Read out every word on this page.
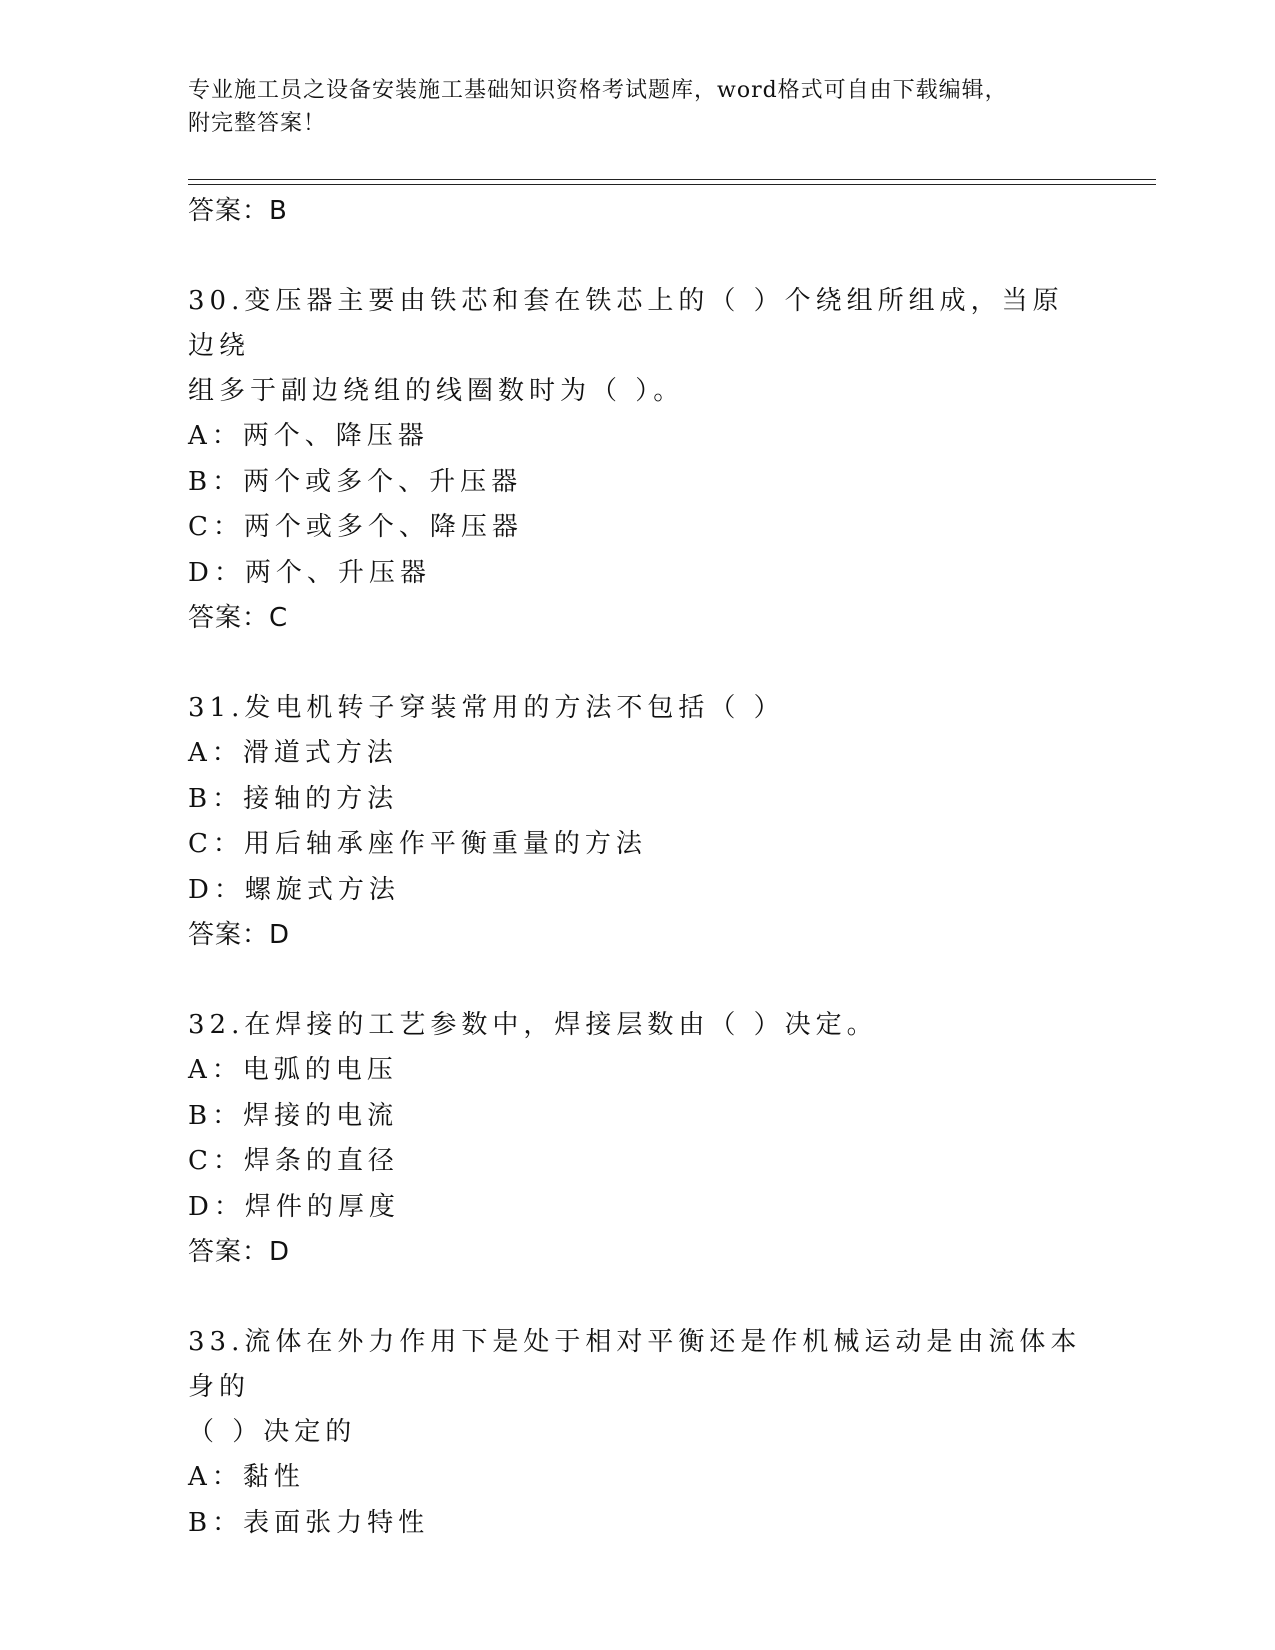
专业施工员之设备安装施工基础知识资格考试题库，word格式可自由下载编辑，
附完整答案！
答案：B
30.变压器主要由铁芯和套在铁芯上的（ ）个绕组所组成，当原边绕
组多于副边绕组的线圈数时为（ ）。
A：两个、降压器
B：两个或多个、升压器
C：两个或多个、降压器
D：两个、升压器
答案：C
31.发电机转子穿装常用的方法不包括（ ）
A：滑道式方法
B：接轴的方法
C：用后轴承座作平衡重量的方法
D：螺旋式方法
答案：D
32.在焊接的工艺参数中，焊接层数由（ ）决定。
A：电弧的电压
B：焊接的电流
C：焊条的直径
D：焊件的厚度
答案：D
33.流体在外力作用下是处于相对平衡还是作机械运动是由流体本身的
（ ）决定的
A：黏性
B：表面张力特性
